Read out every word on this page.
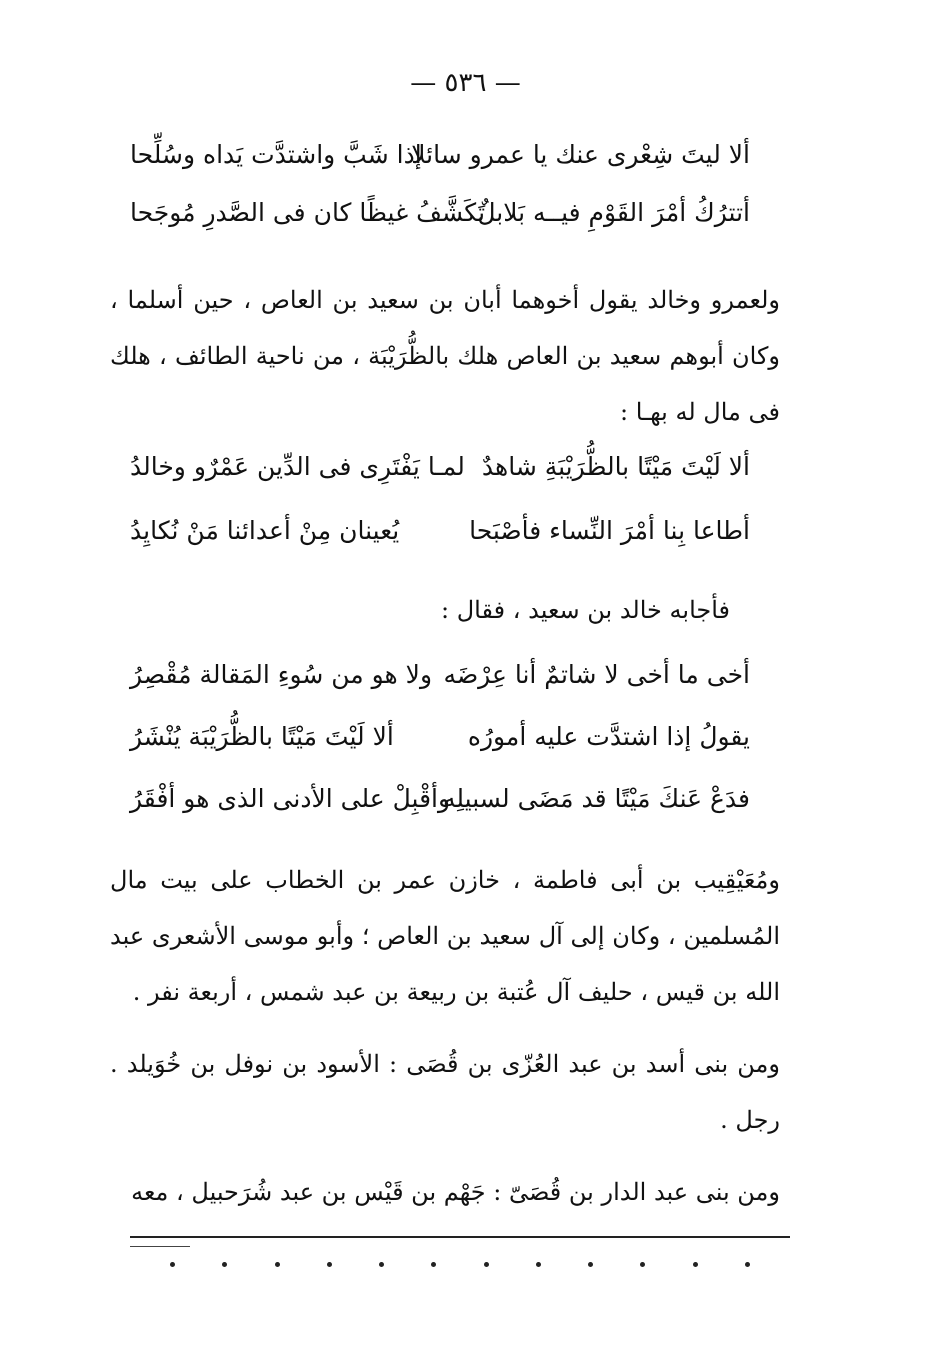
— ٥٣٦ —
ألا ليتَ شِعْرى عنك يا عمرو سائلا
إذا شَبَّ واشتدَّت يَداه وسُلِّحا
أتترُكُ أمْرَ القَوْمِ فيــه بَلابلٌ
تَكَشَّفُ غيظًا كان فى الصَّدرِ مُوجَحا
ولعمرو وخالد يقول أخوهما أبان بن سعيد بن العاص ، حين أسلما ، وكان أبوهم سعيد بن العاص هلك بالظُّرَيْبَة ، من ناحية الطائف ، هلك فى مال له بهـا :
ألا لَيْتَ مَيْتًا بالظُّرَيْبَةِ شاهدٌ
لمـا يَفْتَرِى فى الدِّين عَمْرٌو وخالدُ
أطاعا بِنا أمْرَ النِّساء فأصْبَحا
يُعينان مِنْ أعدائنا مَنْ نُكايِدُ
فأجابه خالد بن سعيد ، فقال :
أخى ما أخى لا شاتمٌ أنا عِرْضَه
ولا هو من سُوءِ المَقالة مُقْصِرُ
يقولُ إذا اشتدَّت عليه أمورُه
ألا لَيْتَ مَيْتًا بالظُّرَيْبَة يُنْشَرُ
فدَعْ عَنكَ مَيْتًا قد مَضَى لسبيلِه
وأقْبِلْ على الأدنى الذى هو أفْقَرُ
ومُعَيْقِيب بن أبى فاطمة ، خازن عمر بن الخطاب على بيت مال المُسلمين ، وكان إلى آل سعيد بن العاص ؛ وأبو موسى الأشعرى عبد الله بن قيس ، حليف آل عُتبة بن ربيعة بن عبد شمس ، أربعة نفر .
ومن بنى أسد بن عبد العُزّى بن قُصَى : الأسود بن نوفل بن خُوَيلد . رجل .
ومن بنى عبد الدار بن قُصَىّ : جَهْم بن قَيْس بن عبد شُرَحبيل ، معه
